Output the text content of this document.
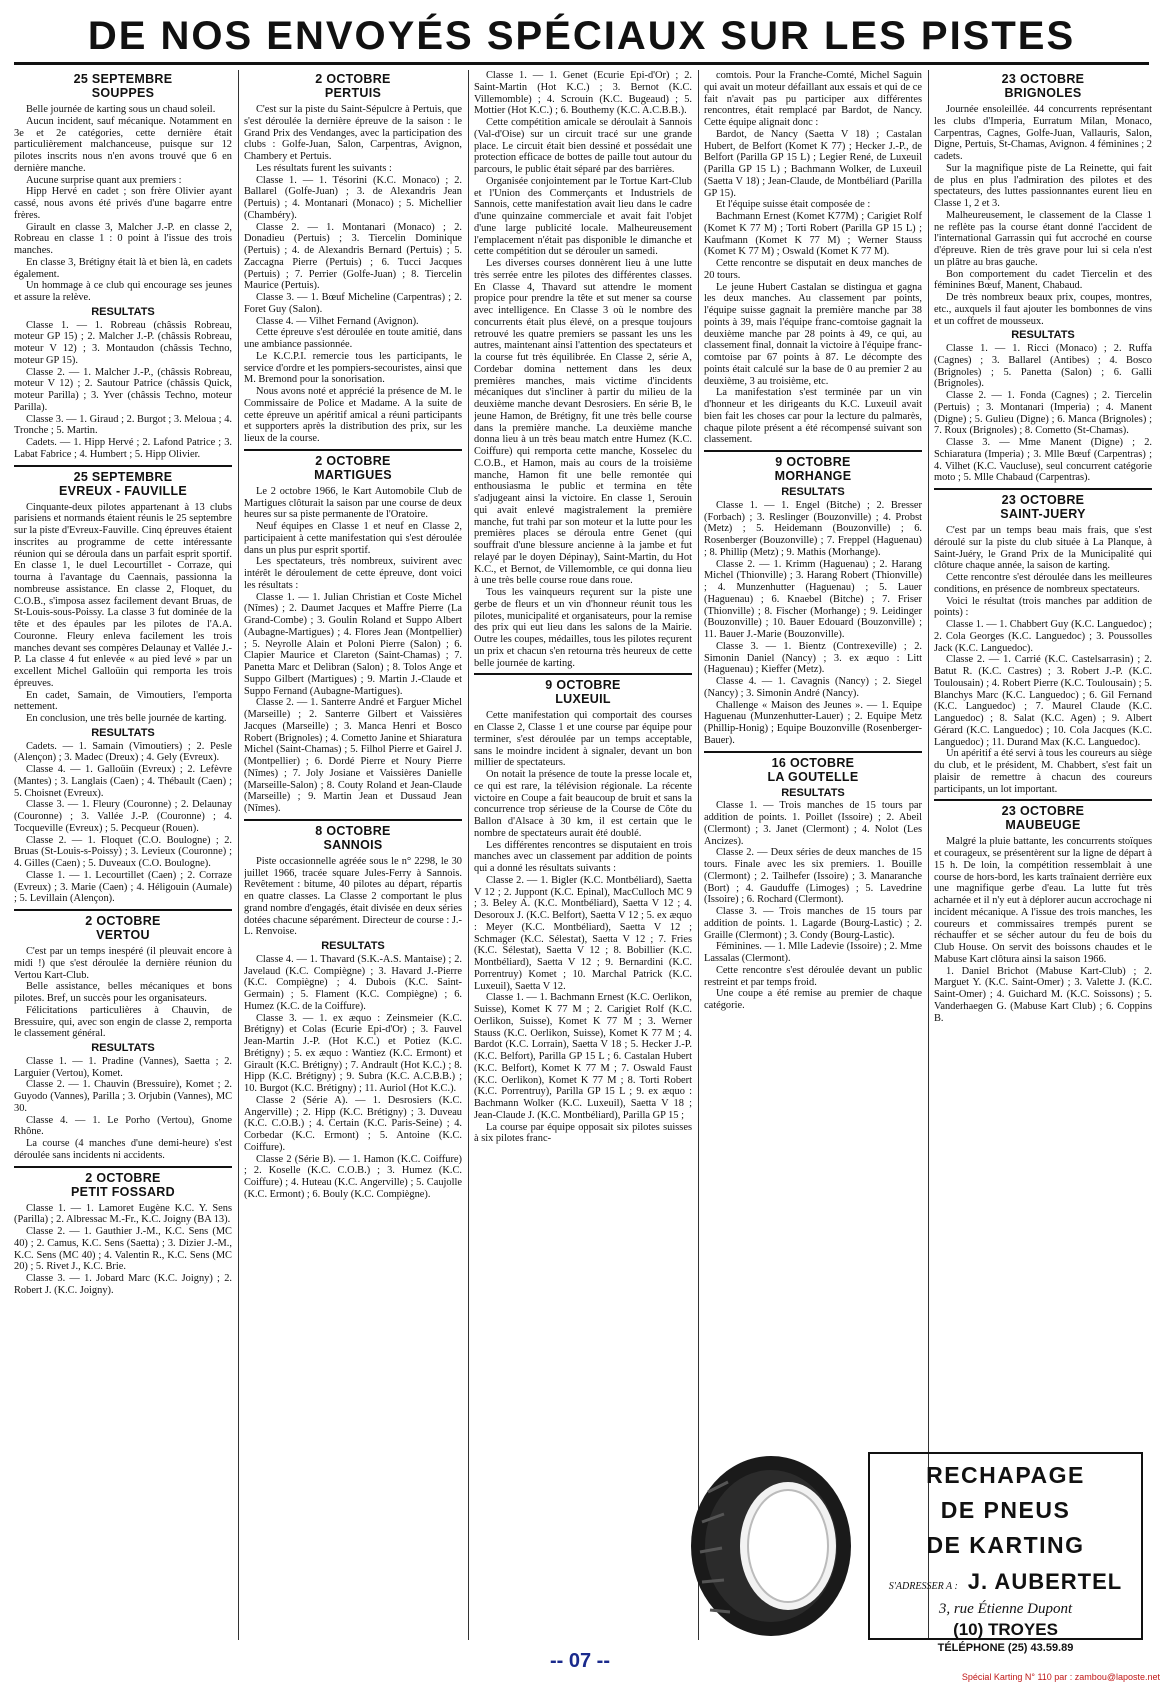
DE NOS ENVOYÉS SPÉCIAUX SUR LES PISTES
25 SEPTEMBRE
SOUPPES

Belle journée de karting sous un chaud soleil.

Aucun incident, sauf mécanique. Notamment en 3e et 2e catégories, cette dernière était particulièrement malchanceuse, puisque sur 12 pilotes inscrits nous n'en avons trouvé que 6 en dernière manche.

Aucune surprise quant aux premiers :

Hipp Hervé en cadet ; son frère Olivier ayant cassé, nous avons été privés d'une bagarre entre frères.

Girault en classe 3, Malcher J.-P. en classe 2, Robreau en classe 1 : 0 point à l'issue des trois manches.

En classe 3, Brétigny était là et bien là, en cadets également.

Un hommage à ce club qui encourage ses jeunes et assure la relève.

RESULTATS

Classe 1. — 1. Robreau (châssis Robreau, moteur GP 15) ; 2. Malcher J.-P. (châssis Robreau, moteur V 12) ; 3. Montaudon (châssis Techno, moteur GP 15).

Classe 2. — 1. Malcher J.-P., (châssis Robreau, moteur V 12) ; 2. Sautour Patrice (châssis Quick, moteur Parilla) ; 3. Yver (châssis Techno, moteur Parilla).

Classe 3. — 1. Giraud ; 2. Burgot ; 3. Meloua ; 4. Tronche ; 5. Martin.

Cadets. — 1. Hipp Hervé ; 2. Lafond Patrice ; 3. Labat Fabrice ; 4. Humbert ; 5. Hipp Olivier.

25 SEPTEMBRE
EVREUX - FAUVILLE

Cinquante-deux pilotes appartenant à 13 clubs parisiens et normands étaient réunis le 25 septembre sur la piste d'Evreux-Fauville. Cinq épreuves étaient inscrites au programme de cette intéressante réunion qui se déroula dans un parfait esprit sportif. En classe 1, le duel Lecourtillet - Corraze, qui tourna à l'avantage du Caennais, passionna la nombreuse assistance. En classe 2, Floquet, du C.O.B., s'imposa assez facilement devant Bruas, de St-Louis-sous-Poissy. La classe 3 fut dominée de la tête et des épaules par les pilotes de l'A.A. Couronne. Fleury enleva facilement les trois manches devant ses compères Delaunay et Vallée J.-P. La classe 4 fut enlevée « au pied levé » par un excellent Michel Galloüin qui remporta les trois épreuves.

En cadet, Samain, de Vimoutiers, l'emporta nettement.

En conclusion, une très belle journée de karting.

RESULTATS

Cadets. — 1. Samain (Vimoutiers) ; 2. Pesle (Alençon) ; 3. Madec (Dreux) ; 4. Gely (Evreux).

Classe 4. — 1. Galloüin (Evreux) ; 2. Lefèvre (Mantes) ; 3. Langlais (Caen) ; 4. Thébault (Caen) ; 5. Choisnet (Evreux).

Classe 3. — 1. Fleury (Couronne) ; 2. Delaunay (Couronne) ; 3. Vallée J.-P. (Couronne) ; 4. Tocqueville (Evreux) ; 5. Pecqueur (Rouen).

Classe 2. — 1. Floquet (C.O. Boulogne) ; 2. Bruas (St-Louis-s-Poissy) ; 3. Levieux (Couronne) ; 4. Gilles (Caen) ; 5. Duveaux (C.O. Boulogne).

Classe 1. — 1. Lecourtillet (Caen) ; 2. Corraze (Evreux) ; 3. Marie (Caen) ; 4. Héligouin (Aumale) ; 5. Levillain (Alençon).

2 OCTOBRE
VERTOU

C'est par un temps inespéré (il pleuvait encore à midi !) que s'est déroulée la dernière réunion du Vertou Kart-Club.

Belle assistance, belles mécaniques et bons pilotes. Bref, un succès pour les organisateurs.

Félicitations particulières à Chauvin, de Bressuire, qui, avec son engin de classe 2, remporta le classement général.

RESULTATS

Classe 1. — 1. Pradine (Vannes), Saetta ; 2. Larguier (Vertou), Komet.

Classe 2. — 1. Chauvin (Bressuire), Komet ; 2. Guyodo (Vannes), Parilla ; 3. Orjubin (Vannes), MC 30.

Classe 4. — 1. Le Porho (Vertou), Gnome Rhône.

La course (4 manches d'une demi-heure) s'est déroulée sans incidents ni accidents.

2 OCTOBRE
PETIT FOSSARD

Classe 1. — 1. Lamoret Eugène K.C. Y. Sens (Parilla) ; 2. Albressac M.-Fr., K.C. Joigny (BA 13).

Classe 2. — 1. Gauthier J.-M., K.C. Sens (MC 40) ; 2. Camus, K.C. Sens (Saetta) ; 3. Dizier J.-M., K.C. Sens (MC 40) ; 4. Valentin R., K.C. Sens (MC 20) ; 5. Rivet J., K.C. Brie.

Classe 3. — 1. Jobard Marc (K.C. Joigny) ; 2. Robert J. (K.C. Joigny).

2 OCTOBRE
PERTUIS

C'est sur la piste du Saint-Sépulcre à Pertuis, que s'est déroulée la dernière épreuve de la saison : le Grand Prix des Vendanges, avec la participation des clubs : Golfe-Juan, Salon, Carpentras, Avignon, Chambery et Pertuis.

Les résultats furent les suivants :

Classe 1. — 1. Tésorini (K.C. Monaco) ; 2. Ballarel (Golfe-Juan) ; 3. de Alexandris Jean (Pertuis) ; 4. Montanari (Monaco) ; 5. Michellier (Chambéry).

Classe 2. — 1. Montanari (Monaco) ; 2. Donadieu (Pertuis) ; 3. Tiercelin Dominique (Pertuis) ; 4. de Alexandris Bernard (Pertuis) ; 5. Zaccagna Pierre (Pertuis) ; 6. Tucci Jacques (Pertuis) ; 7. Perrier (Golfe-Juan) ; 8. Tiercelin Maurice (Pertuis).

Classe 3. — 1. Bœuf Micheline (Carpentras) ; 2. Foret Guy (Salon).

Classe 4. — Vilhet Fernand (Avignon).

Cette épreuve s'est déroulée en toute amitié, dans une ambiance passionnée.

Le K.C.P.I. remercie tous les participants, le service d'ordre et les pompiers-secouristes, ainsi que M. Bremond pour la sonorisation.

Nous avons noté et apprécié la présence de M. le Commissaire de Police et Madame. A la suite de cette épreuve un apéritif amical a réuni participants et supporters après la distribution des prix, sur les lieux de la course.

2 OCTOBRE
MARTIGUES

Le 2 octobre 1966, le Kart Automobile Club de Martigues clôturait la saison par une course de deux heures sur sa piste permanente de l'Oratoire.

Neuf équipes en Classe 1 et neuf en Classe 2, participaient à cette manifestation qui s'est déroulée dans un plus pur esprit sportif.

Les spectateurs, très nombreux, suivirent avec intérêt le déroulement de cette épreuve, dont voici les résultats :

Classe 1. — 1. Julian Christian et Coste Michel (Nîmes) ; 2. Daumet Jacques et Maffre Pierre (La Grand-Combe) ; 3. Goulin Roland et Suppo Albert (Aubagne-Martigues) ; 4. Flores Jean (Montpellier) ; 5. Neyrolle Alain et Poloni Pierre (Salon) ; 6. Clapier Maurice et Clareton (Saint-Chamas) ; 7. Panetta Marc et Delibran (Salon) ; 8. Tolos Ange et Suppo Gilbert (Martigues) ; 9. Martin J.-Claude et Suppo Fernand (Aubagne-Martigues).

Classe 2. — 1. Santerre André et Farguer Michel (Marseille) ; 2. Santerre Gilbert et Vaissières Jacques (Marseille) ; 3. Manca Henri et Bosco Robert (Brignoles) ; 4. Cometto Janine et Shiaratura Michel (Saint-Chamas) ; 5. Filhol Pierre et Gairel J. (Montpellier) ; 6. Dordé Pierre et Noury Pierre (Nîmes) ; 7. Joly Josiane et Vaissières Danielle (Marseille-Salon) ; 8. Couty Roland et Jean-Claude (Marseille) ; 9. Martin Jean et Dussaud Jean (Nîmes).

8 OCTOBRE
SANNOIS

Piste occasionnelle agréée sous le n° 2298, le 30 juillet 1966, tracée square Jules-Ferry à Sannois. Revêtement : bitume, 40 pilotes au départ, répartis en quatre classes. La Classe 2 comportant le plus grand nombre d'engagés, était divisée en deux séries dotées chacune séparément. Directeur de course : J.-L. Renvoise.

RESULTATS

Classe 4. — 1. Thavard (S.K.-A.S. Mantaise) ; 2. Javelaud (K.C. Compiègne) ; 3. Havard J.-Pierre (K.C. Compiègne) ; 4. Dubois (K.C. Saint-Germain) ; 5. Flament (K.C. Compiègne) ; 6. Humez (K.C. de la Coiffure).

Classe 3. — 1. ex æquo : Zeinsmeier (K.C. Brétigny) et Colas (Ecurie Epi-d'Or) ; 3. Fauvel Jean-Martin J.-P. (Hot K.C.) et Potiez (K.C. Brétigny) ; 5. ex æquo : Wantiez (K.C. Ermont) et Girault (K.C. Brétigny) ; 7. Andrault (Hot K.C.) ; 8. Hipp (K.C. Brétigny) ; 9. Subra (K.C. A.C.B.B.) ; 10. Burgot (K.C. Brétigny) ; 11. Auriol (Hot K.C.).

Classe 2 (Série A). — 1. Desrosiers (K.C. Angerville) ; 2. Hipp (K.C. Brétigny) ; 3. Duveau (K.C. C.O.B.) ; 4. Certain (K.C. Paris-Seine) ; 4. Corbedar (K.C. Ermont) ; 5. Antoine (K.C. Coiffure).

Classe 2 (Série B). — 1. Hamon (K.C. Coiffure) ; 2. Koselle (K.C. C.O.B.) ; 3. Humez (K.C. Coiffure) ; 4. Huteau (K.C. Angerville) ; 5. Caujolle (K.C. Ermont) ; 6. Bouly (K.C. Compiègne).

Classe 1. — 1. Genet (Ecurie Epi-d'Or) ; 2. Saint-Martin (Hot K.C.) ; 3. Bernot (K.C. Villemomble) ; 4. Scrouin (K.C. Bugeaud) ; 5. Mottier (Hot K.C.) ; 6. Bouthemy (K.C. A.C.B.B.).

Cette compétition amicale se déroulait à Sannois (Val-d'Oise) sur un circuit tracé sur une grande place. Le circuit était bien dessiné et possédait une protection efficace de bottes de paille tout autour du parcours, le public était séparé par des barrières.

Organisée conjointement par le Tortue Kart-Club et l'Union des Commerçants et Industriels de Sannois, cette manifestation avait lieu dans le cadre d'une quinzaine commerciale et avait fait l'objet d'une large publicité locale. Malheureusement l'emplacement n'était pas disponible le dimanche et cette compétition dut se dérouler un samedi.

Les diverses courses donnèrent lieu à une lutte très serrée entre les pilotes des différentes classes. En Classe 4, Thavard sut attendre le moment propice pour prendre la tête et sut mener sa course avec intelligence. En Classe 3 où le nombre des concurrents était plus élevé, on a presque toujours retrouvé les quatre premiers se passant les uns les autres, maintenant ainsi l'attention des spectateurs et la course fut très équilibrée. En Classe 2, série A, Cordebar domina nettement dans les deux premières manches, mais victime d'incidents mécaniques dut s'incliner à partir du milieu de la deuxième manche devant Desrosiers. En série B, le jeune Hamon, de Brétigny, fit une très belle course dans la première manche. La deuxième manche donna lieu à un très beau match entre Humez (K.C. Coiffure) qui remporta cette manche, Kosselec du C.O.B., et Hamon, mais au cours de la troisième manche, Hamon fit une belle remontée qui enthousiasma le public et termina en tête s'adjugeant ainsi la victoire. En classe 1, Serouin qui avait enlevé magistralement la première manche, fut trahi par son moteur et la lutte pour les premières places se déroula entre Genet (qui souffrait d'une blessure ancienne à la jambe et fut relayé par le doyen Dépinay), Saint-Martin, du Hot K.C., et Bernot, de Villemomble, ce qui donna lieu à une très belle course roue dans roue.

Tous les vainqueurs reçurent sur la piste une gerbe de fleurs et un vin d'honneur réunit tous les pilotes, municipalité et organisateurs, pour la remise des prix qui eut lieu dans les salons de la Mairie. Outre les coupes, médailles, tous les pilotes reçurent un prix et chacun s'en retourna très heureux de cette belle journée de karting.

9 OCTOBRE
LUXEUIL

Cette manifestation qui comportait des courses en Classe 2, Classe 1 et une course par équipe pour terminer, s'est déroulée par un temps acceptable, sans le moindre incident à signaler, devant un bon millier de spectateurs.

On notait la présence de toute la presse locale et, ce qui est rare, la télévision régionale. La récente victoire en Coupe a fait beaucoup de bruit et sans la concurrence trop sérieuse de la Course de Côte du Ballon d'Alsace à 30 km, il est certain que le nombre de spectateurs aurait été doublé.

Les différentes rencontres se disputaient en trois manches avec un classement par addition de points qui a donné les résultats suivants :

Classe 2. — 1. Bigler (K.C. Montbéliard), Saetta V 12 ; 2. Juppont (K.C. Epinal), MacCulloch MC 9 ; 3. Beley A. (K.C. Montbéliard), Saetta V 12 ; 4. Desoroux J. (K.C. Belfort), Saetta V 12 ; 5. ex æquo : Meyer (K.C. Montbéliard), Saetta V 12 ; Schmager (K.C. Sélestat), Saetta V 12 ; 7. Fries (K.C. Sélestat), Saetta V 12 ; 8. Bobillier (K.C. Montbéliard), Saetta V 12 ; 9. Bernardini (K.C. Porrentruy) Komet ; 10. Marchal Patrick (K.C. Luxeuil), Saetta V 12.

Classe 1. — 1. Bachmann Ernest (K.C. Oerlikon, Suisse), Komet K 77 M ; 2. Carigiet Rolf (K.C. Oerlikon, Suisse), Komet K 77 M ; 3. Werner Stauss (K.C. Oerlikon, Suisse), Komet K 77 M ; 4. Bardot (K.C. Lorrain), Saetta V 18 ; 5. Hecker J.-P. (K.C. Belfort), Parilla GP 15 L ; 6. Castalan Hubert (K.C. Belfort), Komet K 77 M ; 7. Oswald Faust (K.C. Oerlikon), Komet K 77 M ; 8. Torti Robert (K.C. Porrentruy), Parilla GP 15 L ; 9. ex æquo : Bachmann Wolker (K.C. Luxeuil), Saetta V 18 ; Jean-Claude J. (K.C. Montbéliard), Parilla GP 15 ;

La course par équipe opposait six pilotes suisses à six pilotes franc-

comtois. Pour la Franche-Comté, Michel Saguin qui avait un moteur défaillant aux essais et qui de ce fait n'avait pas pu participer aux différentes rencontres, était remplacé par Bardot, de Nancy. Cette équipe alignait donc :

Bardot, de Nancy (Saetta V 18) ; Castalan Hubert, de Belfort (Komet K 77) ; Hecker J.-P., de Belfort (Parilla GP 15 L) ; Legier René, de Luxeuil (Parilla GP 15 L) ; Bachmann Wolker, de Luxeuil (Saetta V 18) ; Jean-Claude, de Montbéliard (Parilla GP 15).

Et l'équipe suisse était composée de :

Bachmann Ernest (Komet K77M) ; Carigiet Rolf (Komet K 77 M) ; Torti Robert (Parilla GP 15 L) ; Kaufmann (Komet K 77 M) ; Werner Stauss (Komet K 77 M) ; Oswald (Komet K 77 M).

Cette rencontre se disputait en deux manches de 20 tours.

Le jeune Hubert Castalan se distingua et gagna les deux manches. Au classement par points, l'équipe suisse gagnait la première manche par 38 points à 39, mais l'équipe franc-comtoise gagnait la deuxième manche par 28 points à 49, ce qui, au classement final, donnait la victoire à l'équipe franc-comtoise par 67 points à 87. Le décompte des points était calculé sur la base de 0 au premier 2 au deuxième, 3 au troisième, etc.

La manifestation s'est terminée par un vin d'honneur et les dirigeants du K.C. Luxeuil avait bien fait les choses car pour la lecture du palmarès, chaque pilote présent a été récompensé suivant son classement.

9 OCTOBRE
MORHANGE
RESULTATS

Classe 1. — 1. Engel (Bitche) ; 2. Bresser (Forbach) ; 3. Reslinger (Bouzonville) ; 4. Probst (Metz) ; 5. Heidemann (Bouzonville) ; 6. Rosenberger (Bouzonville) ; 7. Freppel (Haguenau) ; 8. Phillip (Metz) ; 9. Mathis (Morhange).

Classe 2. — 1. Krimm (Haguenau) ; 2. Harang Michel (Thionville) ; 3. Harang Robert (Thionville) ; 4. Munzenhutter (Haguenau) ; 5. Lauer (Haguenau) ; 6. Knaebel (Bitche) ; 7. Friser (Thionville) ; 8. Fischer (Morhange) ; 9. Leidinger (Bouzonville) ; 10. Bauer Edouard (Bouzonville) ; 11. Bauer J.-Marie (Bouzonville).

Classe 3. — 1. Bientz (Contrexeville) ; 2. Simonin Daniel (Nancy) ; 3. ex æquo : Litt (Haguenau) ; Kieffer (Metz).

Classe 4. — 1. Cavagnis (Nancy) ; 2. Siegel (Nancy) ; 3. Simonin André (Nancy).

Challenge « Maison des Jeunes ». — 1. Equipe Haguenau (Munzenhutter-Lauer) ; 2. Equipe Metz (Phillip-Honig) ; Equipe Bouzonville (Rosenberger-Bauer).

16 OCTOBRE
LA GOUTELLE
RESULTATS

Classe 1. — Trois manches de 15 tours par addition de points. 1. Poillet (Issoire) ; 2. Abeil (Clermont) ; 3. Janet (Clermont) ; 4. Nolot (Les Ancizes).

Classe 2. — Deux séries de deux manches de 15 tours. Finale avec les six premiers. 1. Bouille (Clermont) ; 2. Tailhefer (Issoire) ; 3. Manaranche (Bort) ; 4. Gauduffe (Limoges) ; 5. Lavedrine (Issoire) ; 6. Rochard (Clermont).

Classe 3. — Trois manches de 15 tours par addition de points. 1. Lagarde (Bourg-Lastic) ; 2. Graille (Clermont) ; 3. Condy (Bourg-Lastic).

Féminines. — 1. Mlle Ladevie (Issoire) ; 2. Mme Lassalas (Clermont).

Cette rencontre s'est déroulée devant un public restreint et par temps froid.

Une coupe a été remise au premier de chaque catégorie.

23 OCTOBRE
BRIGNOLES

Journée ensoleillée. 44 concurrents représentant les clubs d'Imperia, Eurratum Milan, Monaco, Carpentras, Cagnes, Golfe-Juan, Vallauris, Salon, Digne, Pertuis, St-Chamas, Avignon. 4 féminines ; 2 cadets.

Sur la magnifique piste de La Reinette, qui fait de plus en plus l'admiration des pilotes et des spectateurs, des luttes passionnantes eurent lieu en Classe 1, 2 et 3.

Malheureusement, le classement de la Classe 1 ne reflète pas la course étant donné l'accident de l'international Garrassin qui fut accroché en course d'épreuve. Rien de très grave pour lui si cela n'est un plâtre au bras gauche.

Bon comportement du cadet Tiercelin et des féminines Bœuf, Manent, Chabaud.

De très nombreux beaux prix, coupes, montres, etc., auxquels il faut ajouter les bombonnes de vins et un coffret de mousseux.

RESULTATS

Classe 1. — 1. Ricci (Monaco) ; 2. Ruffa (Cagnes) ; 3. Ballarel (Antibes) ; 4. Bosco (Brignoles) ; 5. Panetta (Salon) ; 6. Galli (Brignoles).

Classe 2. — 1. Fonda (Cagnes) ; 2. Tiercelin (Pertuis) ; 3. Montanari (Imperia) ; 4. Manent (Digne) ; 5. Gulieu (Digne) ; 6. Manca (Brignoles) ; 7. Roux (Brignoles) ; 8. Cometto (St-Chamas).

Classe 3. — Mme Manent (Digne) ; 2. Schiaratura (Imperia) ; 3. Mlle Bœuf (Carpentras) ; 4. Vilhet (K.C. Vaucluse), seul concurrent catégorie moto ; 5. Mlle Chabaud (Carpentras).

23 OCTOBRE
SAINT-JUERY

C'est par un temps beau mais frais, que s'est déroulé sur la piste du club située à La Planque, à Saint-Juéry, le Grand Prix de la Municipalité qui clôture chaque année, la saison de karting.

Cette rencontre s'est déroulée dans les meilleures conditions, en présence de nombreux spectateurs.

Voici le résultat (trois manches par addition de points) :

Classe 1. — 1. Chabbert Guy (K.C. Languedoc) ; 2. Cola Georges (K.C. Languedoc) ; 3. Poussolles Jack (K.C. Languedoc).

Classe 2. — 1. Carrié (K.C. Castelsarrasin) ; 2. Batut R. (K.C. Castres) ; 3. Robert J.-P. (K.C. Toulousain) ; 4. Robert Pierre (K.C. Toulousain) ; 5. Blanchys Marc (K.C. Languedoc) ; 6. Gil Fernand (K.C. Languedoc) ; 7. Maurel Claude (K.C. Languedoc) ; 8. Salat (K.C. Agen) ; 9. Albert Gérard (K.C. Languedoc) ; 10. Cola Jacques (K.C. Languedoc) ; 11. Durand Max (K.C. Languedoc).

Un apéritif a été servi à tous les coureurs au siège du club, et le président, M. Chabbert, s'est fait un plaisir de remettre à chacun des coureurs participants, un lot important.

23 OCTOBRE
MAUBEUGE

Malgré la pluie battante, les concurrents stoïques et courageux, se présentèrent sur la ligne de départ à 15 h. De loin, la compétition ressemblait à une course de hors-bord, les karts traînaient derrière eux une magnifique gerbe d'eau. La lutte fut très acharnée et il n'y eut à déplorer aucun accrochage ni incident mécanique. A l'issue des trois manches, les coureurs et commissaires trempés purent se réchauffer et se sécher autour du feu de bois du Club House. On servit des boissons chaudes et le Mabuse Kart clôtura ainsi la saison 1966.

1. Daniel Brichot (Mabuse Kart-Club) ; 2. Marguet Y. (K.C. Saint-Omer) ; 3. Valette J. (K.C. Saint-Omer) ; 4. Guichard M. (K.C. Soissons) ; 5. Vanderhaegen G. (Mabuse Kart Club) ; 6. Coppins B.

RECHAPAGE
DE PNEUS
DE KARTING
S'ADRESSER A : J. AUBERTEL
3, rue Étienne Dupont
(10) TROYES
TÉLÉPHONE (25) 43.59.89
-- 07 --
Spécial Karting N° 110 par : zambou@laposte.net
